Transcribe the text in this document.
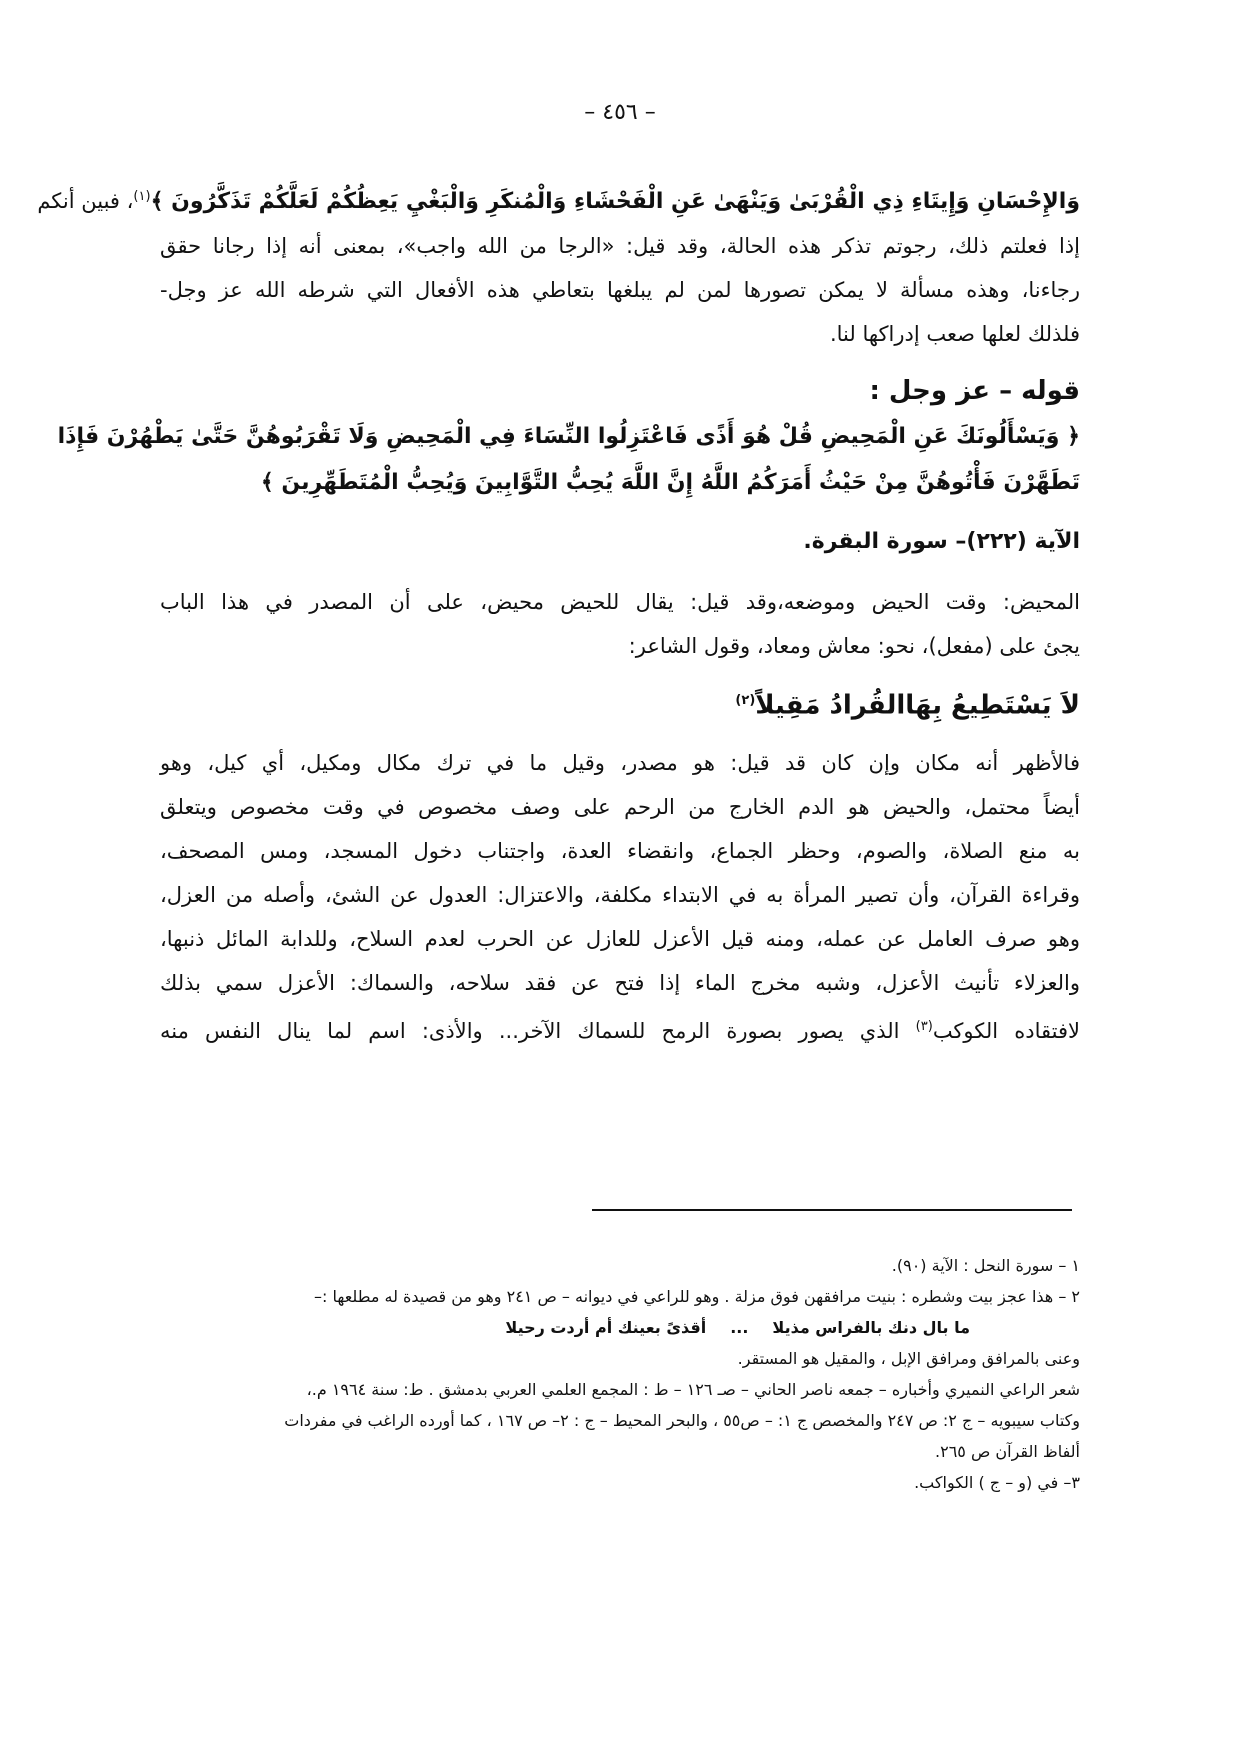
– ٤٥٦ –

وَالإِحْسَانِ وَإِيتَاءِ ذِي الْقُرْبَىٰ وَيَنْهَىٰ عَنِ الْفَحْشَاءِ وَالْمُنكَرِ وَالْبَغْيِ يَعِظُكُمْ لَعَلَّكُمْ تَذَكَّرُونَ ﴾$^{(١)}$، فبين أنكم

إذا فعلتم ذلك، رجوتم تذكر هذه الحالة، وقد قيل: «الرجا من الله واجب»، بمعنى أنه إذا رجانا حقق

رجاءنا، وهذه مسألة لا يمكن تصورها لمن لم يبلغها بتعاطي هذه الأفعال التي شرطه الله عز وجل-

فلذلك لعلها صعب إدراكها لنا.

قوله – عز وجل :

﴿ وَيَسْأَلُونَكَ عَنِ الْمَحِيضِ قُلْ هُوَ أَذًى فَاعْتَزِلُوا النِّسَاءَ فِي الْمَحِيضِ وَلَا تَقْرَبُوهُنَّ حَتَّىٰ يَطْهُرْنَ فَإِذَا

تَطَهَّرْنَ فَأْتُوهُنَّ مِنْ حَيْثُ أَمَرَكُمُ اللَّهُ إِنَّ اللَّهَ يُحِبُّ التَّوَّابِينَ وَيُحِبُّ الْمُتَطَهِّرِينَ ﴾

الآية (٢٢٢)– سورة البقرة.

المحيض: وقت الحيض وموضعه،وقد قيل: يقال للحيض محيض، على أن المصدر في هذا الباب

يجئ على (مفعل)، نحو: معاش ومعاد، وقول الشاعر:

لاَ يَسْتَطِيعُ بِهَاالقُرادُ مَقِيلاً$^{(٢)}$

فالأظهر أنه مكان وإن كان قد قيل: هو مصدر، وقيل ما في ترك مكال ومكيل، أي كيل، وهو

أيضاً محتمل، والحيض هو الدم الخارج من الرحم على وصف مخصوص في وقت مخصوص ويتعلق

به منع الصلاة، والصوم، وحظر الجماع، وانقضاء العدة، واجتناب دخول المسجد، ومس المصحف،

وقراءة القرآن، وأن تصير المرأة به في الابتداء مكلفة، والاعتزال: العدول عن الشئ، وأصله من العزل،

وهو صرف العامل عن عمله، ومنه قيل الأعزل للعازل عن الحرب لعدم السلاح، وللدابة المائل ذنبها،

والعزلاء تأنيث الأعزل، وشبه مخرج الماء إذا فتح عن فقد سلاحه، والسماك: الأعزل سمي بذلك

لافتقاده الكوكب$^{(٣)}$ الذي يصور بصورة الرمح للسماك الآخر... والأذى: اسم لما ينال النفس منه

١ – سورة النحل : الآية (٩٠).

٢ – هذا عجز بيت وشطره : بنيت مرافقهن فوق مزلة . وهو للراعي في ديوانه – ص ٢٤١ وهو من قصيدة له مطلعها :–

ما بال دنك بالفراس مذيلا...أقذىً بعينك أم أردت رحيلا

وعنى بالمرافق ومرافق الإبل ، والمقيل هو المستقر.

شعر الراعي النميري وأخباره – جمعه ناصر الحاني – صـ ١٢٦ – ط : المجمع العلمي العربي بدمشق . ط: سنة ١٩٦٤ م.،

وكتاب سيبويه – ج ٢: ص ٢٤٧ والمخصص ج ١: – ص٥٥ ، والبحر المحيط – ج : ٢– ص ١٦٧ ، كما أورده الراغب في مفردات

ألفاظ القرآن ص ٢٦٥.

٣– في (و – ج ) الكواكب.
